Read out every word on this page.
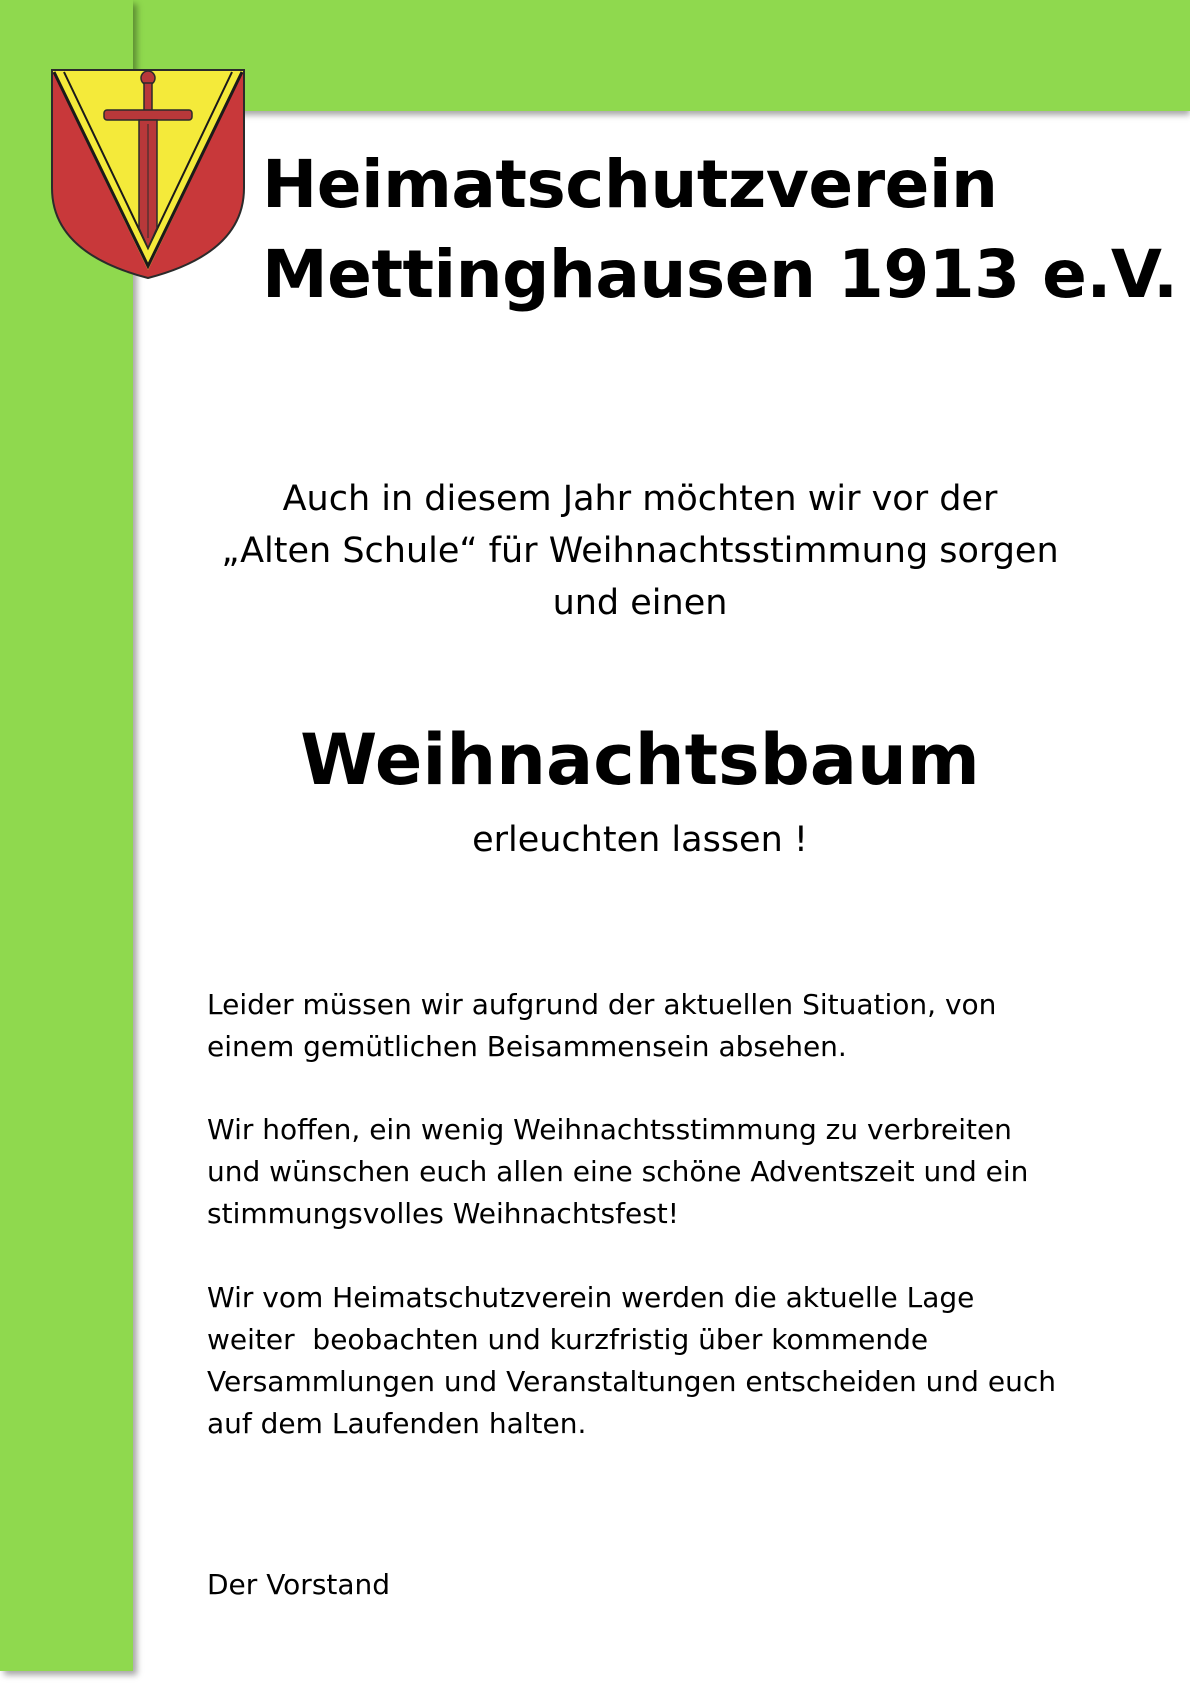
Heimatschutzverein
Mettinghausen 1913 e.V.

Auch in diesem Jahr möchten wir vor der
„Alten Schule“ für Weihnachtsstimmung sorgen
und einen

Weihnachtsbaum

erleuchten lassen !

Leider müssen wir aufgrund der aktuellen Situation, von
einem gemütlichen Beisammensein absehen.

Wir hoffen, ein wenig Weihnachtsstimmung zu verbreiten
und wünschen euch allen eine schöne Adventszeit und ein
stimmungsvolles Weihnachtsfest!

Wir vom Heimatschutzverein werden die aktuelle Lage
weiter  beobachten und kurzfristig über kommende
Versammlungen und Veranstaltungen entscheiden und euch
auf dem Laufenden halten.

Der Vorstand
